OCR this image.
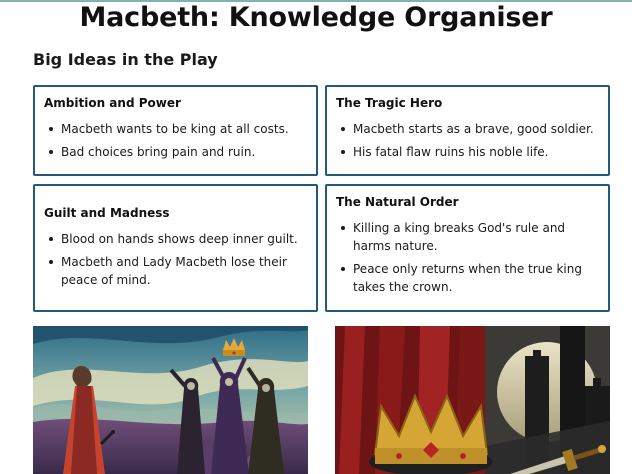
Macbeth: Knowledge Organiser
Big Ideas in the Play
Ambition and Power
Macbeth wants to be king at all costs.
Bad choices bring pain and ruin.
The Tragic Hero
Macbeth starts as a brave, good soldier.
His fatal flaw ruins his noble life.
Guilt and Madness
Blood on hands shows deep inner guilt.
Macbeth and Lady Macbeth lose their peace of mind.
The Natural Order
Killing a king breaks God's rule and harms nature.
Peace only returns when the true king takes the crown.
